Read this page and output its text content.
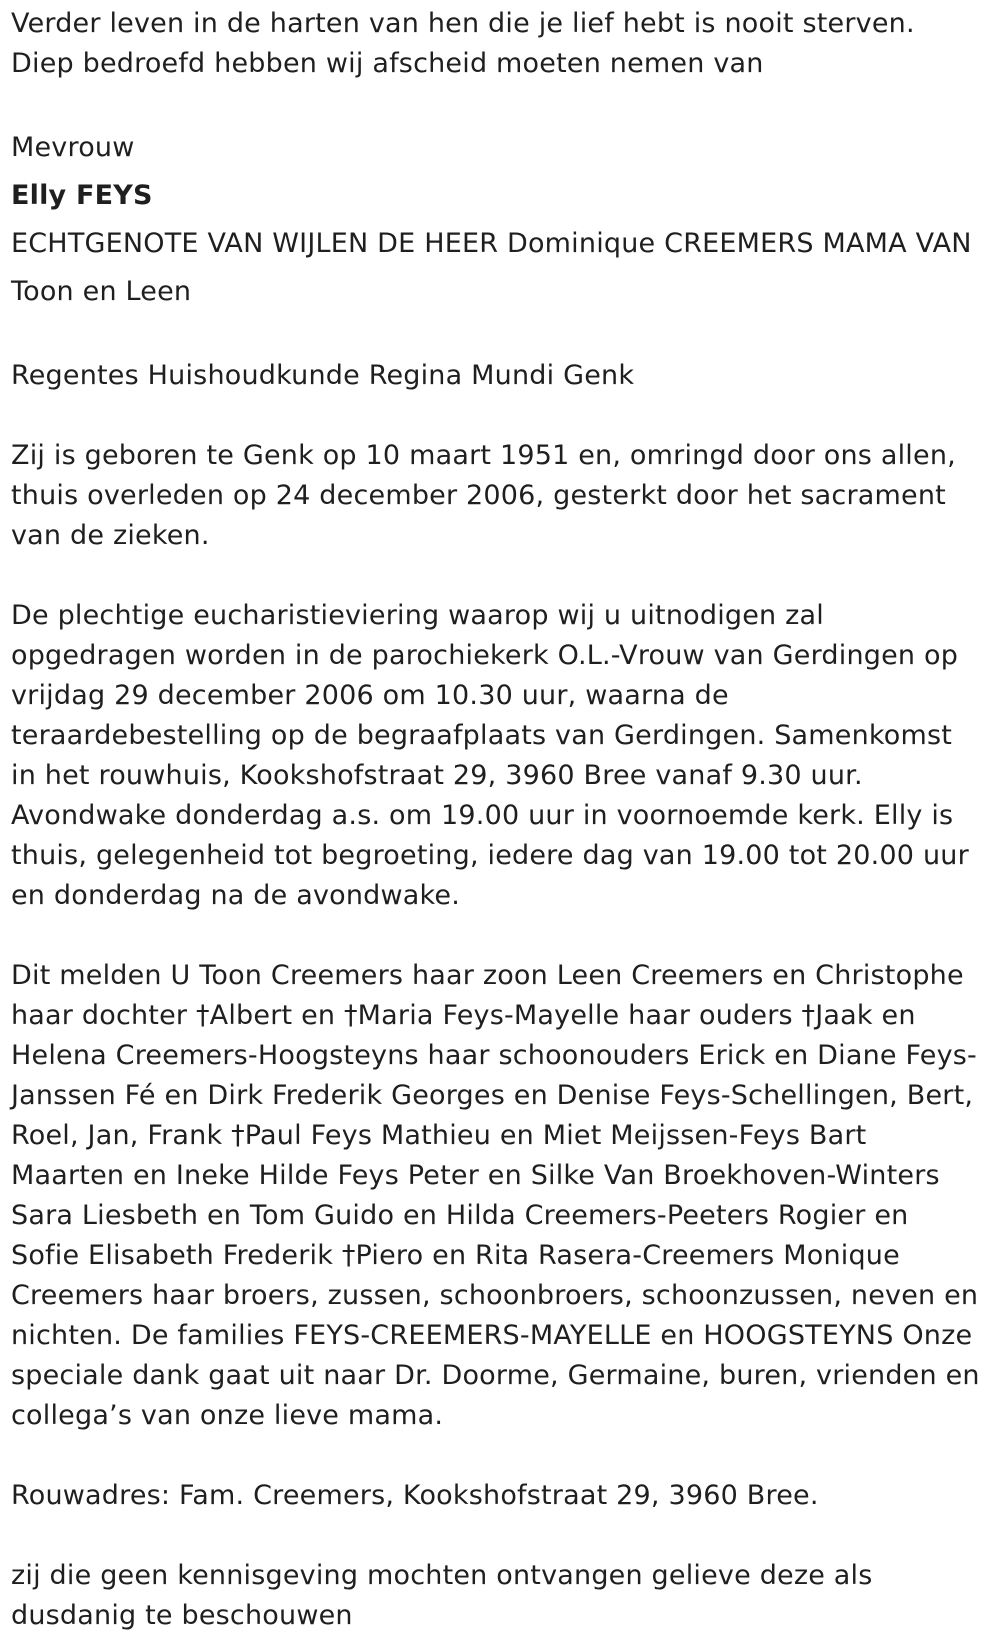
Verder leven in de harten van hen die je lief hebt is nooit sterven. Diep bedroefd hebben wij afscheid moeten nemen van

Mevrouw

Elly FEYS

ECHTGENOTE VAN WIJLEN DE HEER Dominique CREEMERS MAMA VAN Toon en Leen

Regentes Huishoudkunde Regina Mundi Genk

Zij is geboren te Genk op 10 maart 1951 en, omringd door ons allen, thuis overleden op 24 december 2006, gesterkt door het sacrament van de zieken.

De plechtige eucharistieviering waarop wij u uitnodigen zal opgedragen worden in de parochiekerk O.L.-Vrouw van Gerdingen op vrijdag 29 december 2006 om 10.30 uur, waarna de teraardebestelling op de begraafplaats van Gerdingen. Samenkomst in het rouwhuis, Kookshofstraat 29, 3960 Bree vanaf 9.30 uur. Avondwake donderdag a.s. om 19.00 uur in voornoemde kerk. Elly is thuis, gelegenheid tot begroeting, iedere dag van 19.00 tot 20.00 uur en donderdag na de avondwake.

Dit melden U Toon Creemers haar zoon Leen Creemers en Christophe haar dochter †Albert en †Maria Feys-Mayelle haar ouders †Jaak en Helena Creemers-Hoogsteyns haar schoonouders Erick en Diane Feys-Janssen Fé en Dirk Frederik Georges en Denise Feys-Schellingen, Bert, Roel, Jan, Frank †Paul Feys Mathieu en Miet Meijssen-Feys Bart Maarten en Ineke Hilde Feys Peter en Silke Van Broekhoven-Winters Sara Liesbeth en Tom Guido en Hilda Creemers-Peeters Rogier en Sofie Elisabeth Frederik †Piero en Rita Rasera-Creemers Monique Creemers haar broers, zussen, schoonbroers, schoonzussen, neven en nichten. De families FEYS-CREEMERS-MAYELLE en HOOGSTEYNS Onze speciale dank gaat uit naar Dr. Doorme, Germaine, buren, vrienden en collega’s van onze lieve mama.

Rouwadres: Fam. Creemers, Kookshofstraat 29, 3960 Bree.

zij die geen kennisgeving mochten ontvangen gelieve deze als dusdanig te beschouwen
